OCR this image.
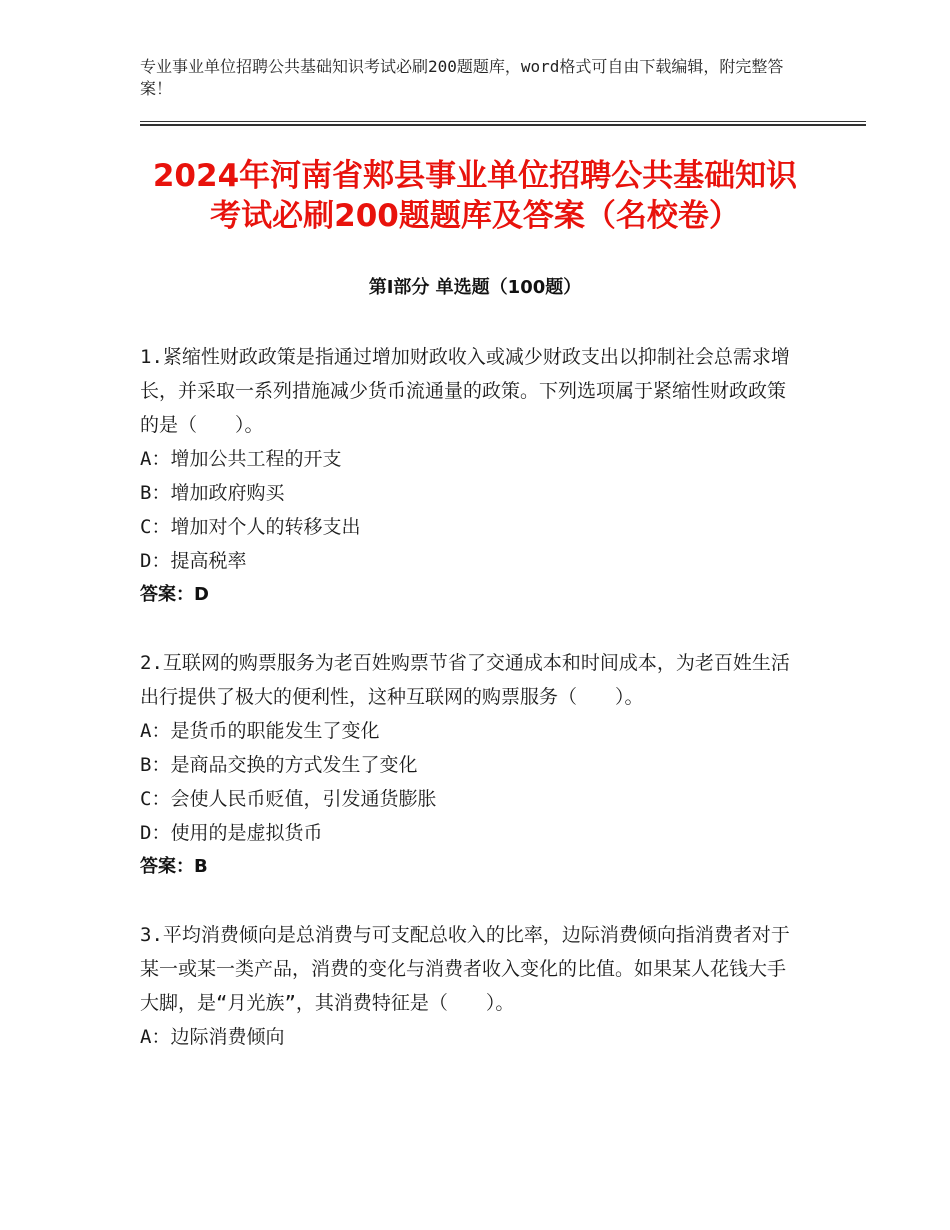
专业事业单位招聘公共基础知识考试必刷200题题库，word格式可自由下载编辑，附完整答案！
2024年河南省郏县事业单位招聘公共基础知识考试必刷200题题库及答案（名校卷）
第Ⅰ部分 单选题（100题）

1.紧缩性财政政策是指通过增加财政收入或减少财政支出以抑制社会总需求增长，并采取一系列措施减少货币流通量的政策。下列选项属于紧缩性财政政策的是（　　）。

A：增加公共工程的开支

B：增加政府购买

C：增加对个人的转移支出

D：提高税率

答案：D

2.互联网的购票服务为老百姓购票节省了交通成本和时间成本，为老百姓生活出行提供了极大的便利性，这种互联网的购票服务（　　）。

A：是货币的职能发生了变化

B：是商品交换的方式发生了变化

C：会使人民币贬值，引发通货膨胀

D：使用的是虚拟货币

答案：B

3.平均消费倾向是总消费与可支配总收入的比率，边际消费倾向指消费者对于某一或某一类产品，消费的变化与消费者收入变化的比值。如果某人花钱大手大脚，是“月光族”，其消费特征是（　　）。

A：边际消费倾向
